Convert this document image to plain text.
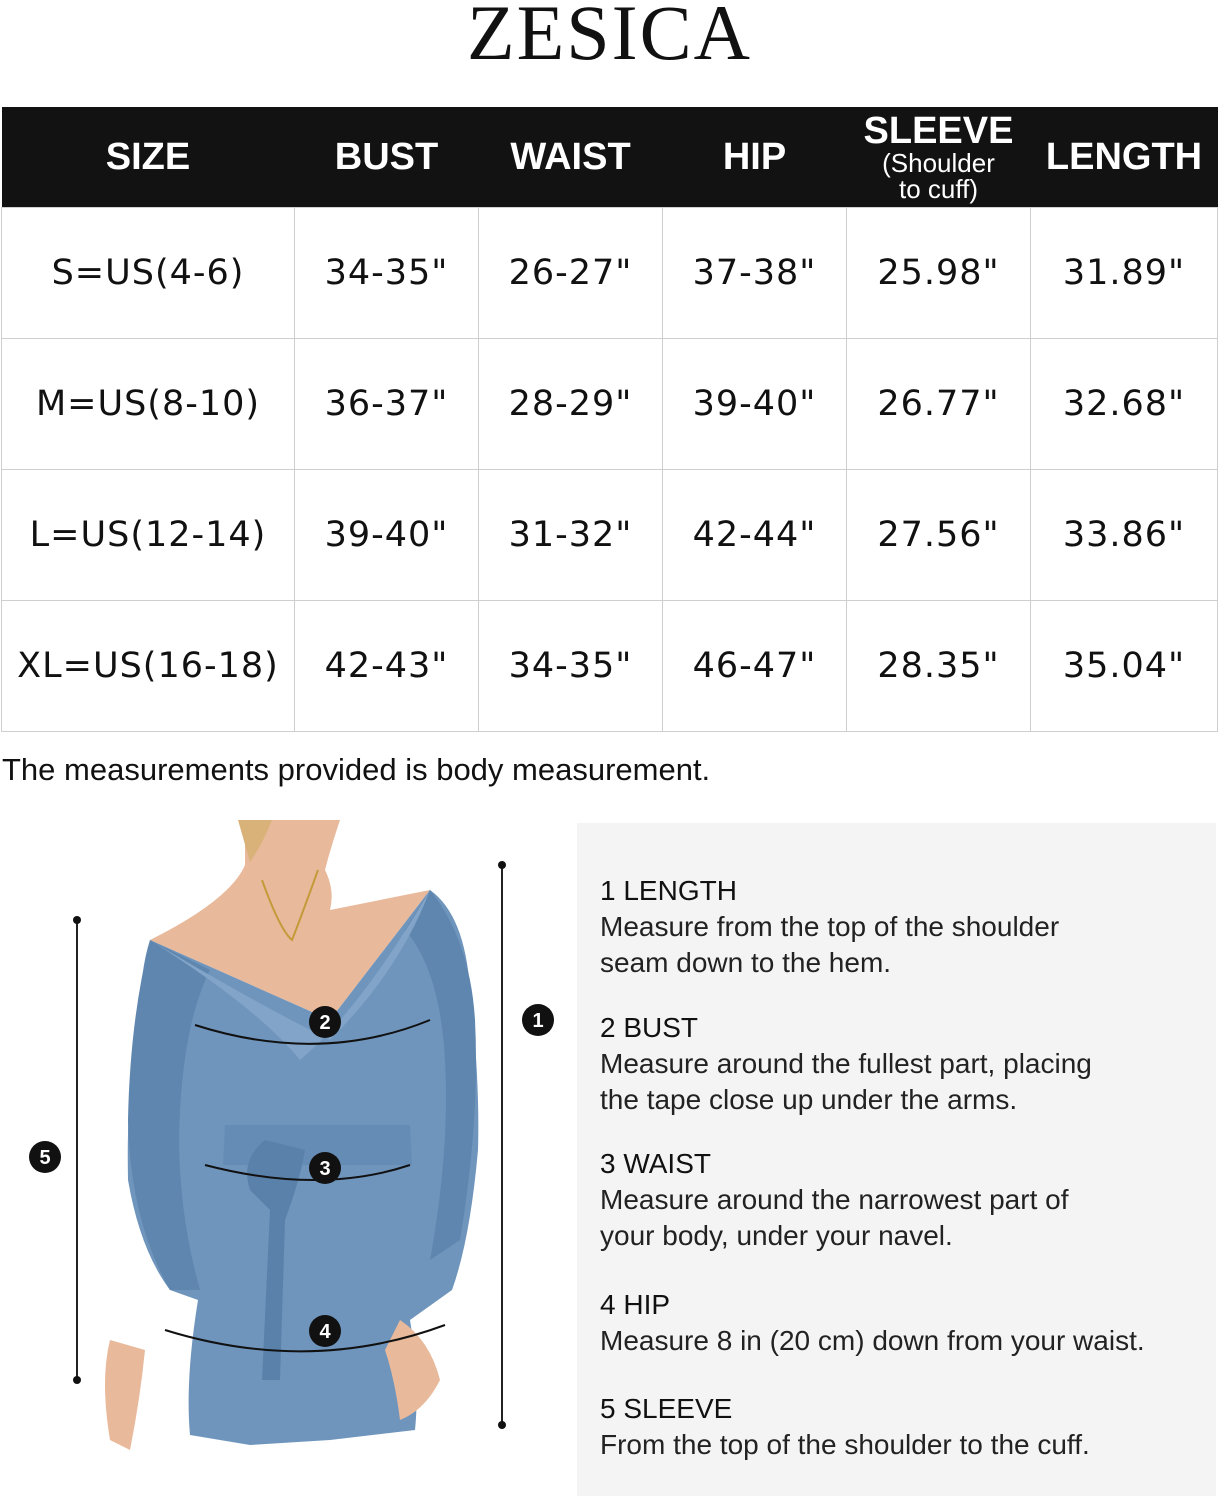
ZESICA
SIZE	BUST	WAIST	HIP	SLEEVE
(Shoulder
to cuff)	LENGTH
S=US(4-6)	34-35"	26-27"	37-38"	25.98"	31.89"
M=US(8-10)	36-37"	28-29"	39-40"	26.77"	32.68"
L=US(12-14)	39-40"	31-32"	42-44"	27.56"	33.86"
XL=US(16-18)	42-43"	34-35"	46-47"	28.35"	35.04"
The measurements provided is body measurement.
1
2
3
4
5
1 LENGTH
Measure from the top of the shoulder
seam down to the hem.
2 BUST
Measure around the fullest part, placing
the tape close up under the arms.
3 WAIST
Measure around the narrowest part of
your body, under your navel.
4 HIP
Measure 8 in (20 cm) down from your waist.
5 SLEEVE
From the top of the shoulder to the cuff.
